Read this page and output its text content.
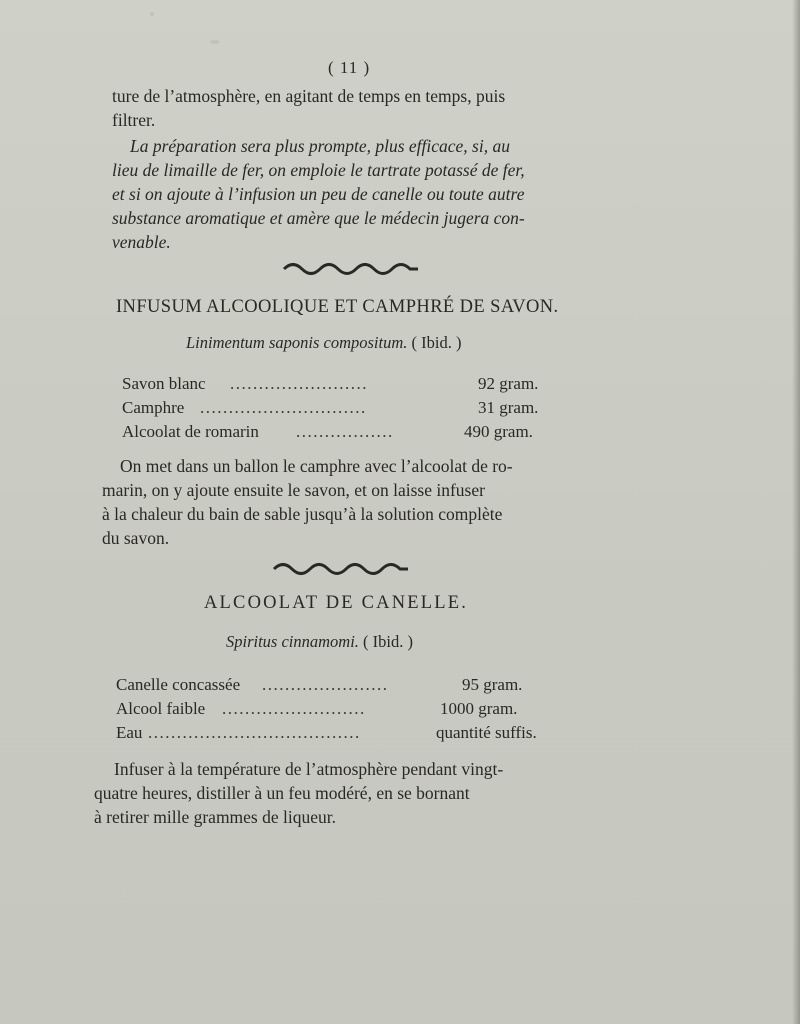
( 11 )
ture de l’atmosphère, en agitant de temps en temps, puis
filtrer.
La préparation sera plus prompte, plus efficace, si, au
lieu de limaille de fer, on emploie le tartrate potassé de fer,
et si on ajoute à l’infusion un peu de canelle ou toute autre
substance aromatique et amère que le médecin jugera con-
venable.
INFUSUM ALCOOLIQUE ET CAMPHRÉ DE SAVON.
Linimentum saponis compositum. ( Ibid. )
Savon blanc ........................	92 gram.
Camphre .............................	31 gram.
Alcoolat de romarin .................	490 gram.
On met dans un ballon le camphre avec l’alcoolat de ro-
marin, on y ajoute ensuite le savon, et on laisse infuser
à la chaleur du bain de sable jusqu’à la solution complète
du savon.
ALCOOLAT DE CANELLE.
Spiritus cinnamomi. ( Ibid. )
Canelle concassée ......................	95 gram.
Alcool faible .........................	1000 gram.
Eau .....................................	quantité suffis.
Infuser à la température de l’atmosphère pendant vingt-
quatre heures, distiller à un feu modéré, en se bornant
à retirer mille grammes de liqueur.
